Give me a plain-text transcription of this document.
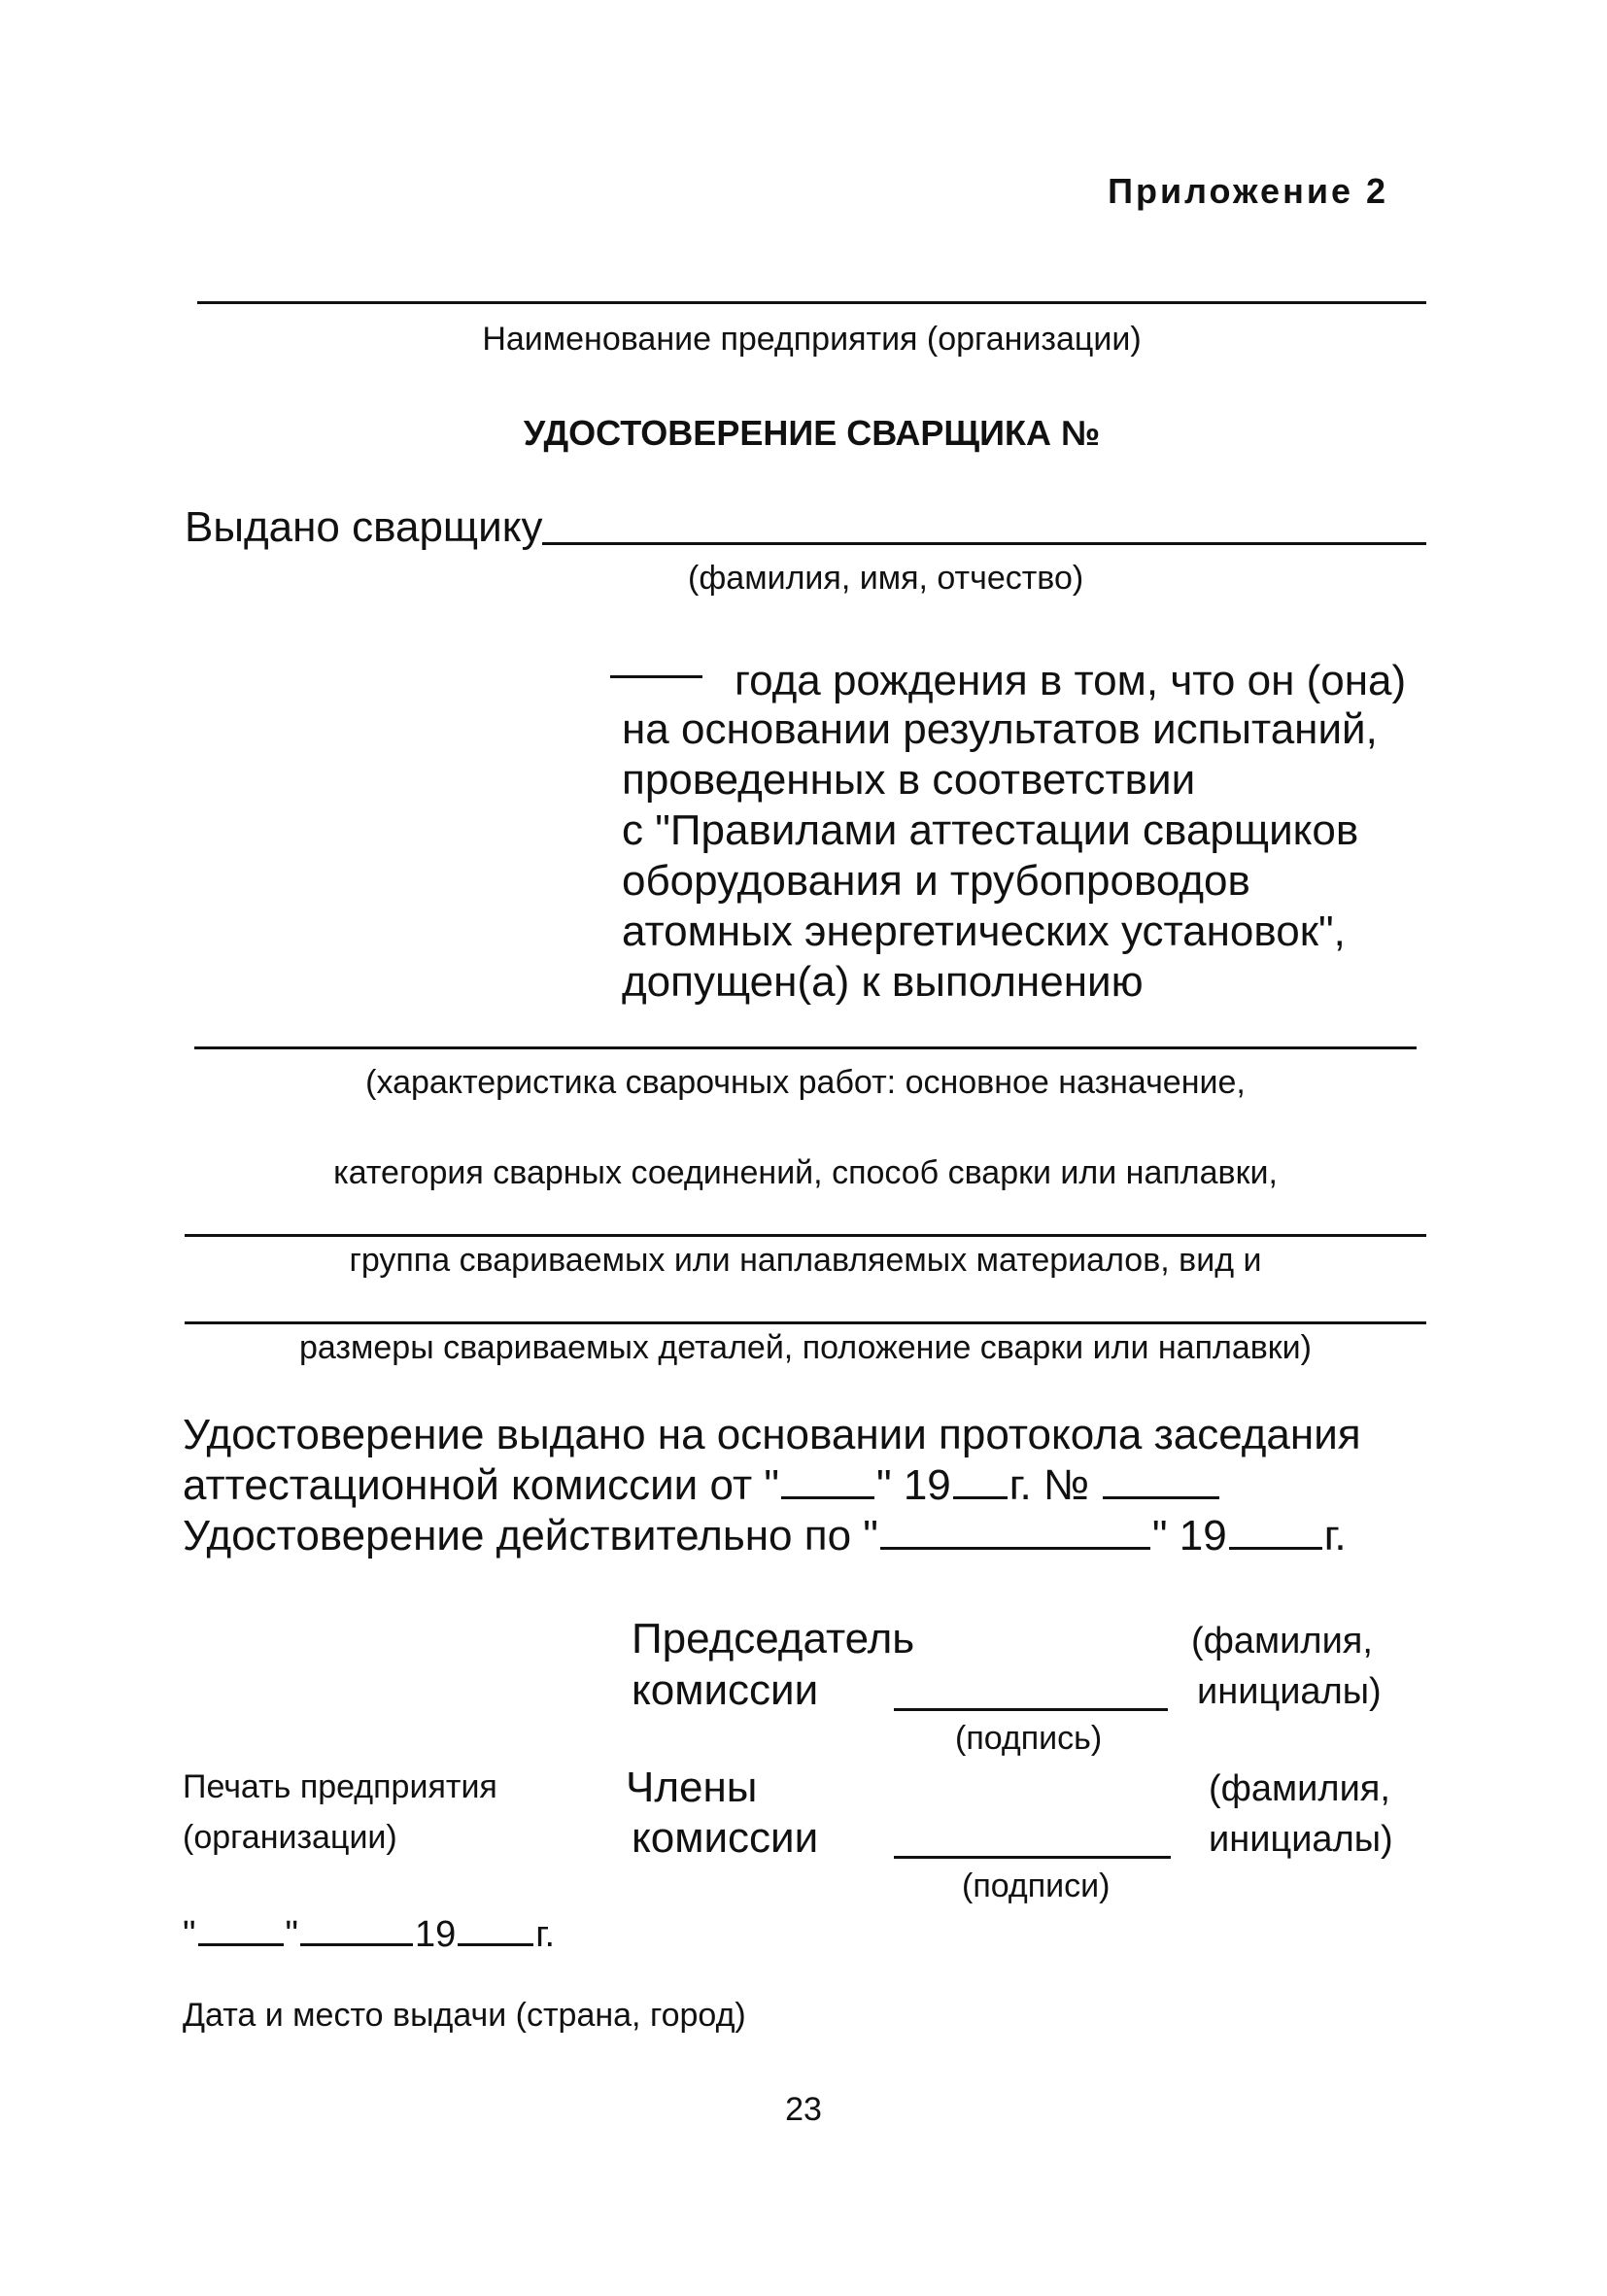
Приложение 2
Наименование предприятия (организации)
УДОСТОВЕРЕНИЕ СВАРЩИКА №
Выдано сварщику
(фамилия, имя, отчество)
года рождения в том, что он (она)
на основании результатов испытаний,
проведенных в соответствии
с "Правилами аттестации сварщиков
оборудования и трубопроводов
атомных энергетических установок",
допущен(а) к выполнению
(характеристика сварочных работ: основное назначение,
категория сварных соединений, способ сварки или наплавки,
группа свариваемых или наплавляемых материалов, вид и
размеры свариваемых деталей, положение сварки или наплавки)
Удостоверение выдано на основании протокола заседания
аттестационной комиссии от " " 19 г. №
Удостоверение действительно по "	" 19 г.
Председатель
комиссии
(подпись)
(фамилия,
инициалы)
Печать предприятия
(организации)
Члены
комиссии
(подписи)
(фамилия,
инициалы)
" "	19 г.
Дата и место выдачи (страна, город)
23
